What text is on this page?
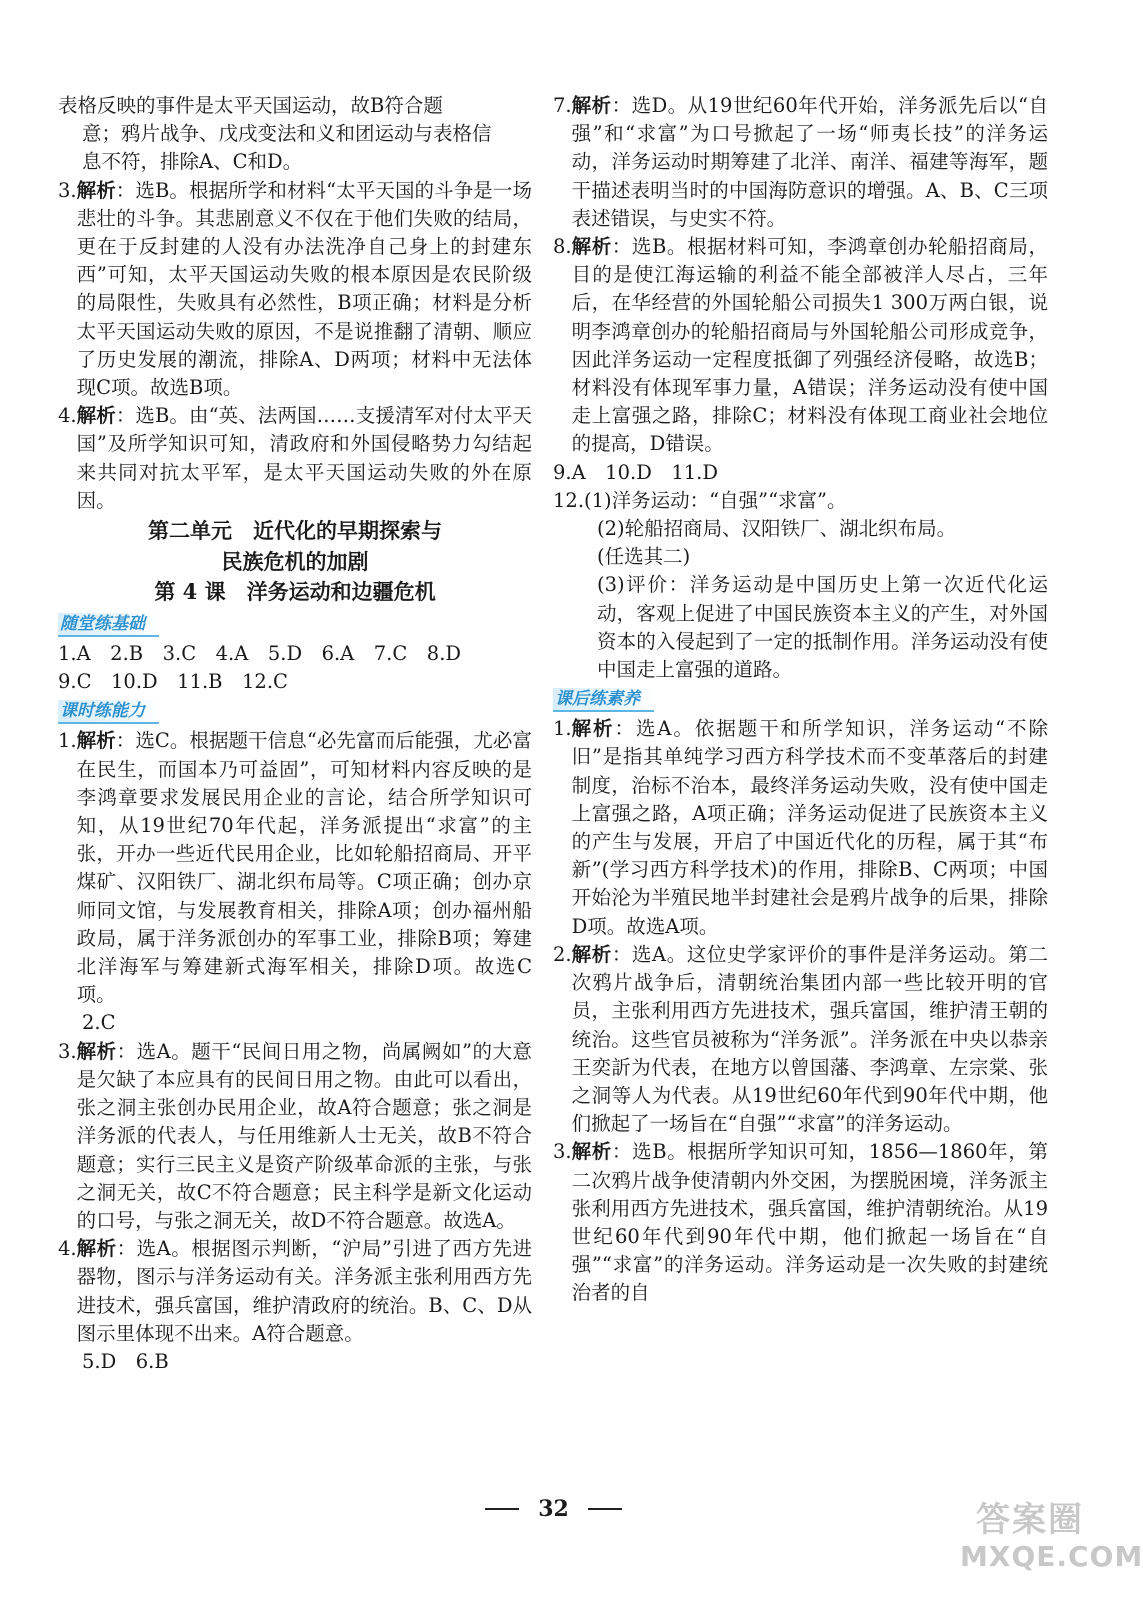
表格反映的事件是太平天国运动，故B符合题
意；鸦片战争、戊戌变法和义和团运动与表格信
息不符，排除A、C和D。
3. 解析：选B。根据所学和材料“太平天国的斗争是一场悲壮的斗争。其悲剧意义不仅在于他们失败的结局，更在于反封建的人没有办法洗净自己身上的封建东西”可知，太平天国运动失败的根本原因是农民阶级的局限性，失败具有必然性，B项正确；材料是分析太平天国运动失败的原因，不是说推翻了清朝、顺应了历史发展的潮流，排除A、D两项；材料中无法体现C项。故选B项。
4. 解析：选B。由“英、法两国……支援清军对付太平天国”及所学知识可知，清政府和外国侵略势力勾结起来共同对抗太平军，是太平天国运动失败的外在原因。
第二单元　近代化的早期探索与
民族危机的加剧
第 4 课　洋务运动和边疆危机
随堂练基础
1.A　2.B　3.C　4.A　5.D　6.A　7.C　8.D
9.C　10.D　11.B　12.C
课时练能力
1. 解析：选C。根据题干信息“必先富而后能强，尤必富在民生，而国本乃可益固”，可知材料内容反映的是李鸿章要求发展民用企业的言论，结合所学知识可知，从19世纪70年代起，洋务派提出“求富”的主张，开办一些近代民用企业，比如轮船招商局、开平煤矿、汉阳铁厂、湖北织布局等。C项正确；创办京师同文馆，与发展教育相关，排除A项；创办福州船政局，属于洋务派创办的军事工业，排除B项；筹建北洋海军与筹建新式海军相关，排除D项。故选C项。
2.C
3. 解析：选A。题干“民间日用之物，尚属阙如”的大意是欠缺了本应具有的民间日用之物。由此可以看出，张之洞主张创办民用企业，故A符合题意；张之洞是洋务派的代表人，与任用维新人士无关，故B不符合题意；实行三民主义是资产阶级革命派的主张，与张之洞无关，故C不符合题意；民主科学是新文化运动的口号，与张之洞无关，故D不符合题意。故选A。
4. 解析：选A。根据图示判断，“沪局”引进了西方先进器物，图示与洋务运动有关。洋务派主张利用西方先进技术，强兵富国，维护清政府的统治。B、C、D从图示里体现不出来。A符合题意。
5.D　6.B
7. 解析：选D。从19世纪60年代开始，洋务派先后以“自强”和“求富”为口号掀起了一场“师夷长技”的洋务运动，洋务运动时期筹建了北洋、南洋、福建等海军，题干描述表明当时的中国海防意识的增强。A、B、C三项表述错误，与史实不符。
8. 解析：选B。根据材料可知，李鸿章创办轮船招商局，目的是使江海运输的利益不能全部被洋人尽占，三年后，在华经营的外国轮船公司损失1 300万两白银，说明李鸿章创办的轮船招商局与外国轮船公司形成竞争，因此洋务运动一定程度抵御了列强经济侵略，故选B；材料没有体现军事力量，A错误；洋务运动没有使中国走上富强之路，排除C；材料没有体现工商业社会地位的提高，D错误。
9.A　10.D　11.D
12. (1)洋务运动：“自强”“求富”。
(2)轮船招商局、汉阳铁厂、湖北织布局。
(任选其二)
(3)评价：洋务运动是中国历史上第一次近代化运动，客观上促进了中国民族资本主义的产生，对外国资本的入侵起到了一定的抵制作用。洋务运动没有使中国走上富强的道路。
课后练素养
1. 解析：选A。依据题干和所学知识，洋务运动“不除旧”是指其单纯学习西方科学技术而不变革落后的封建制度，治标不治本，最终洋务运动失败，没有使中国走上富强之路，A项正确；洋务运动促进了民族资本主义的产生与发展，开启了中国近代化的历程，属于其“布新”(学习西方科学技术)的作用，排除B、C两项；中国开始沦为半殖民地半封建社会是鸦片战争的后果，排除D项。故选A项。
2. 解析：选A。这位史学家评价的事件是洋务运动。第二次鸦片战争后，清朝统治集团内部一些比较开明的官员，主张利用西方先进技术，强兵富国，维护清王朝的统治。这些官员被称为“洋务派”。洋务派在中央以恭亲王奕訢为代表，在地方以曾国藩、李鸿章、左宗棠、张之洞等人为代表。从19世纪60年代到90年代中期，他们掀起了一场旨在“自强”“求富”的洋务运动。
3. 解析：选B。根据所学知识可知，1856—1860年，第二次鸦片战争使清朝内外交困，为摆脱困境，洋务派主张利用西方先进技术，强兵富国，维护清朝统治。从19世纪60年代到90年代中期，他们掀起一场旨在“自强”“求富”的洋务运动。洋务运动是一次失败的封建统治者的自
32	答案圈
MXQE.COM
